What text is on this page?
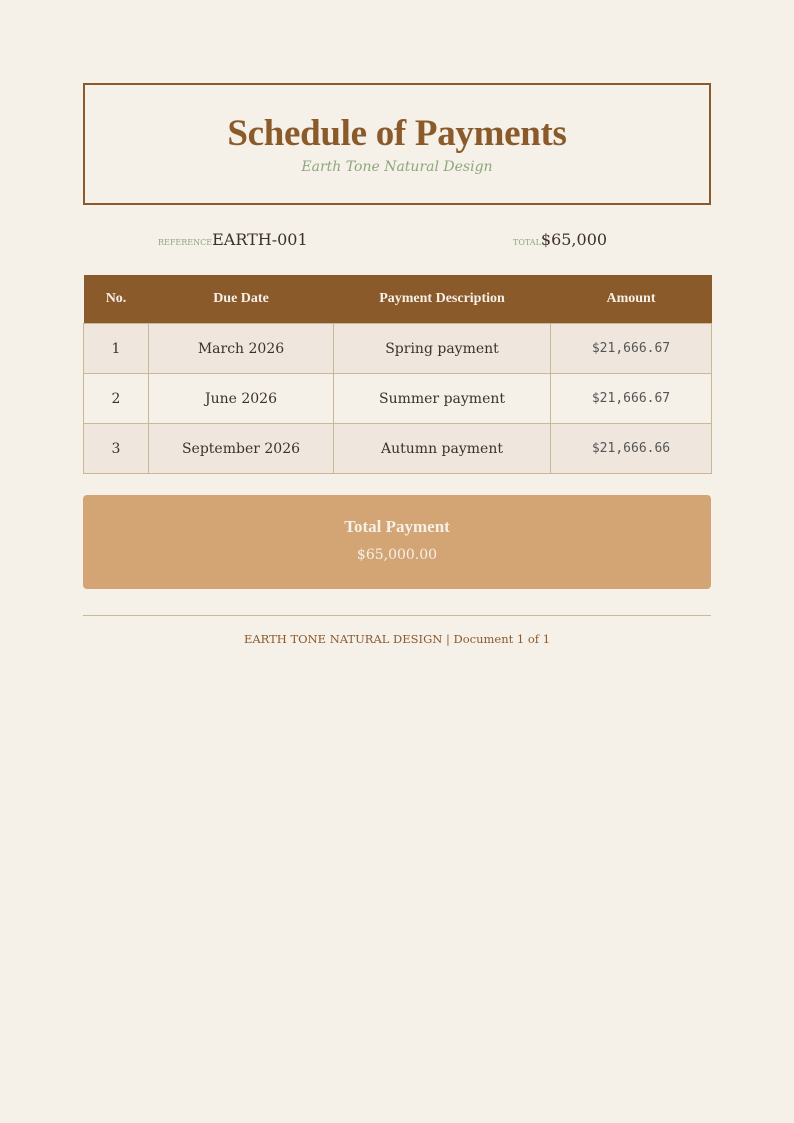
Schedule of Payments
Earth Tone Natural Design
referenceEARTH-001	total$65,000
No.	Due Date	Payment Description	Amount
1	March 2026	Spring payment	$21,666.67
2	June 2026	Summer payment	$21,666.67
3	September 2026	Autumn payment	$21,666.66
Total Payment
$65,000.00
EARTH TONE NATURAL DESIGN | Document 1 of 1
